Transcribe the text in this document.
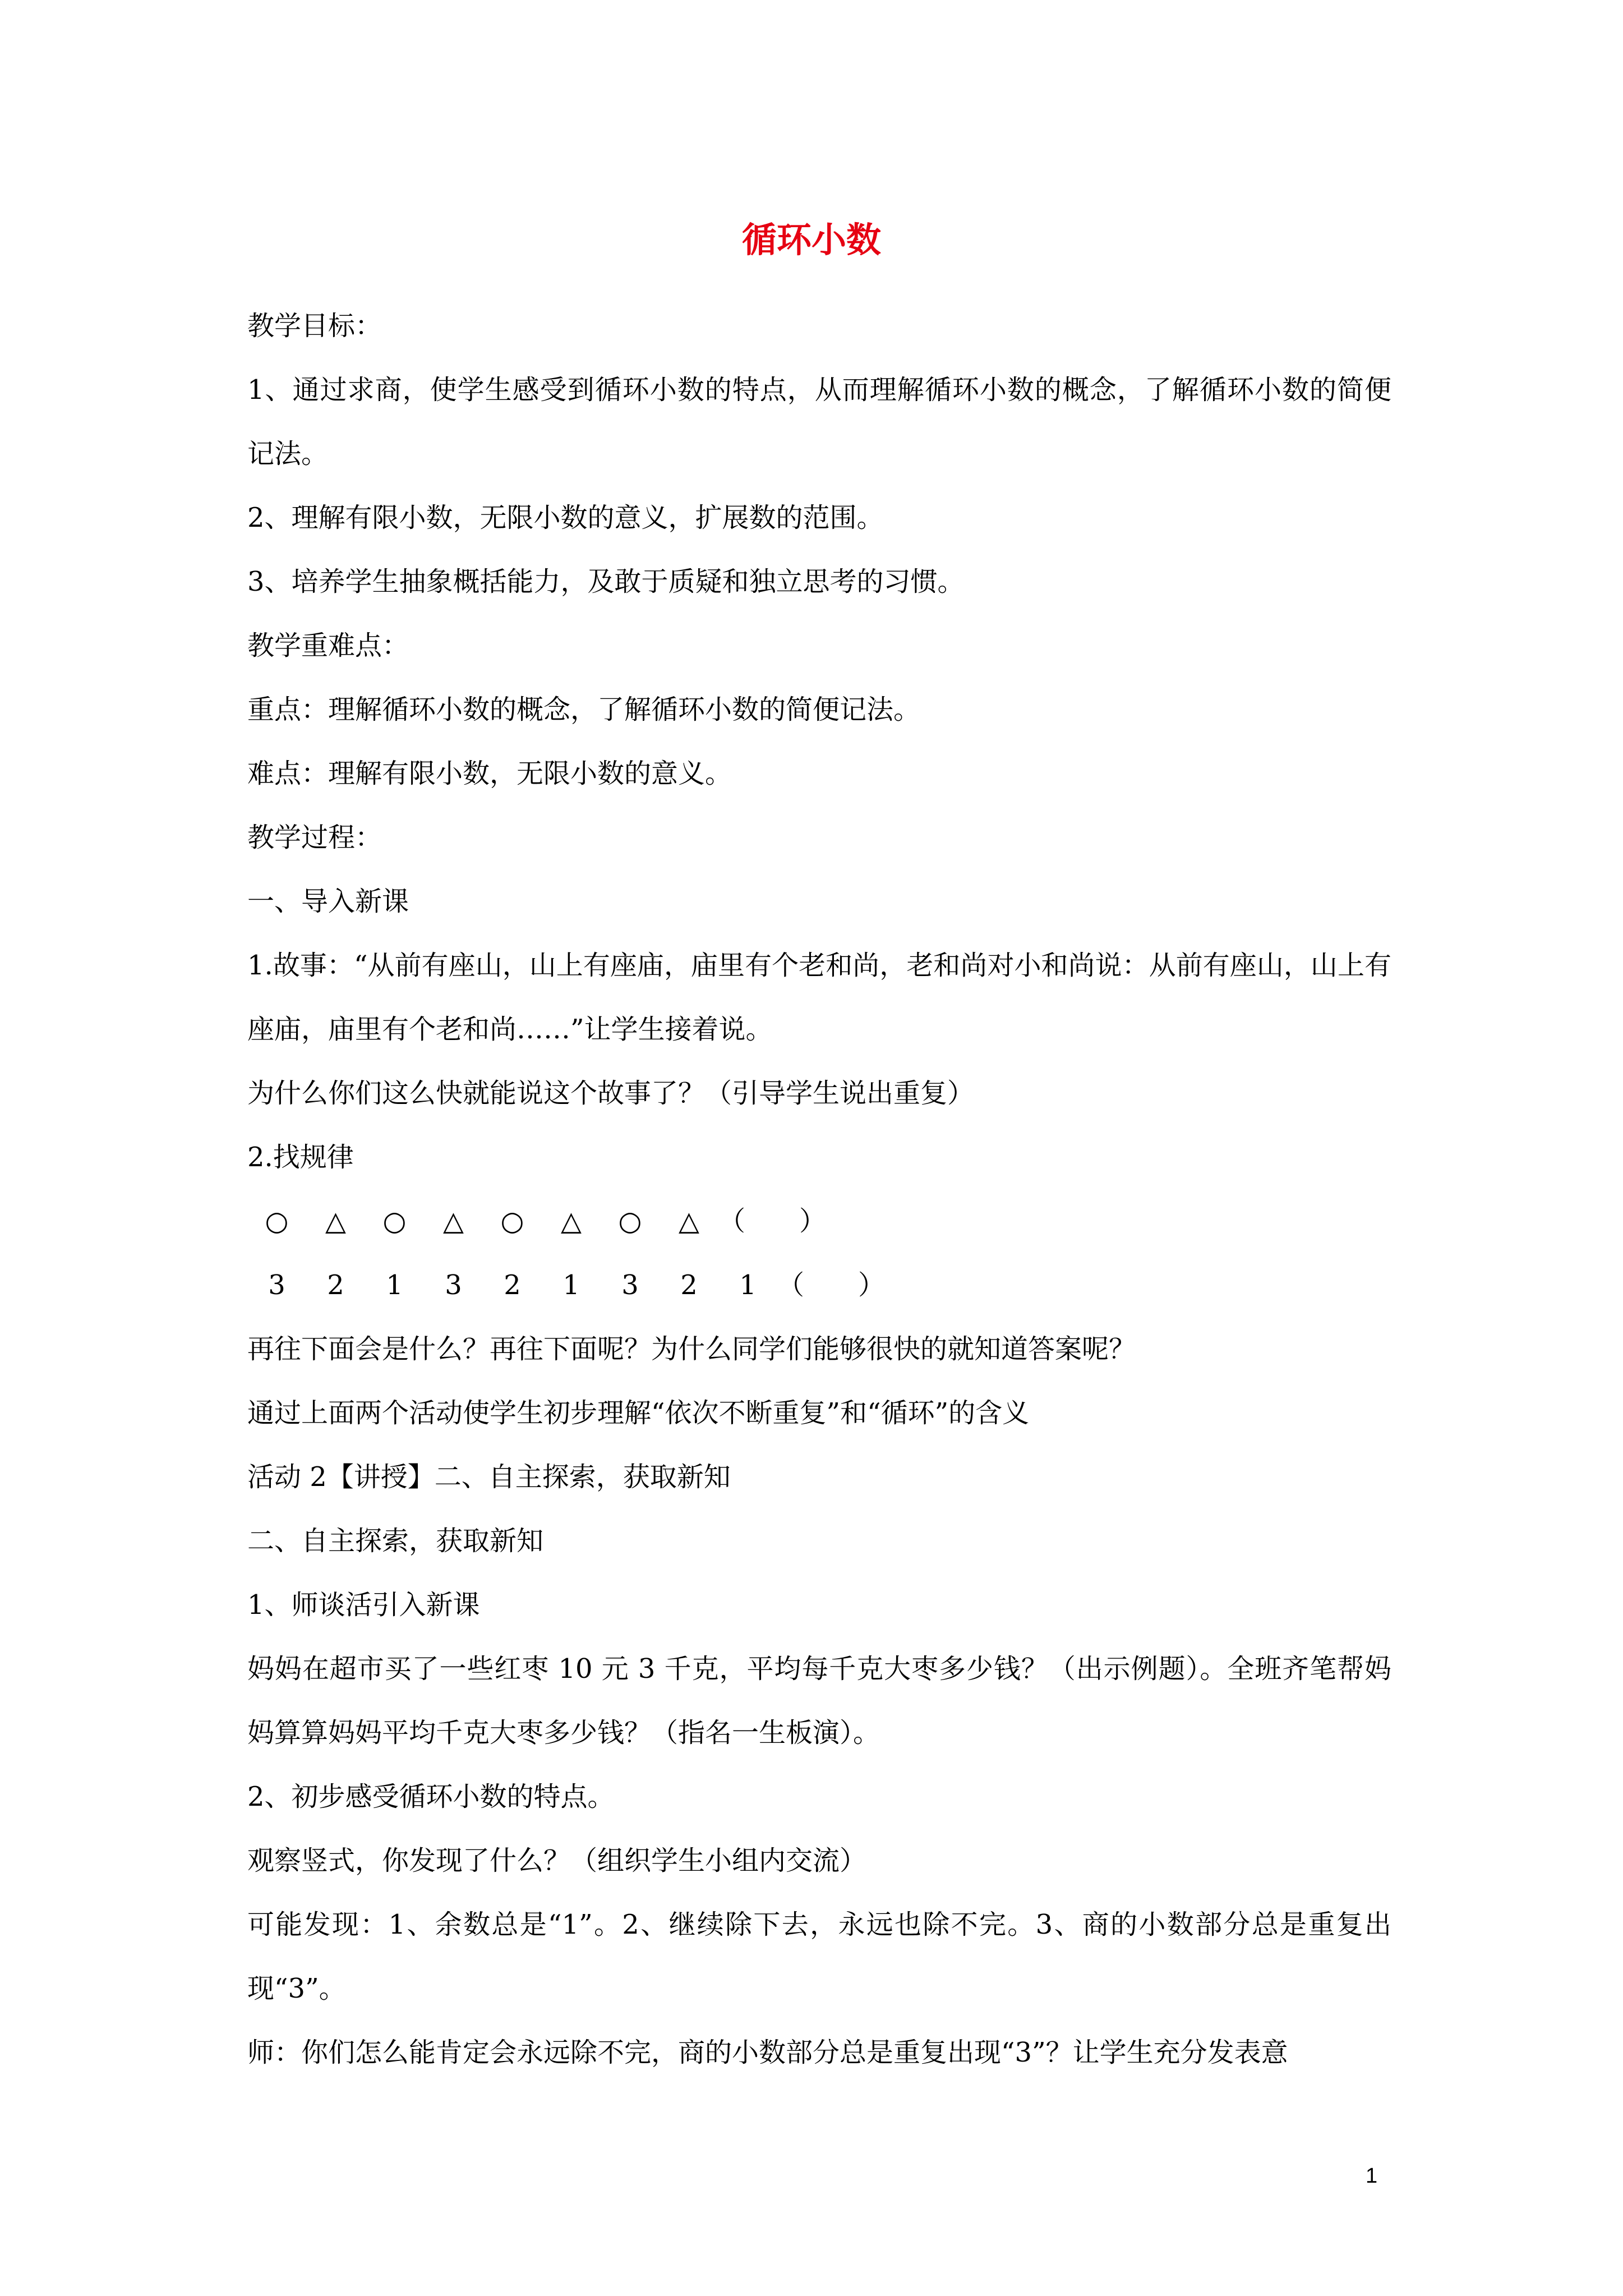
循环小数

教学目标：

1、通过求商，使学生感受到循环小数的特点，从而理解循环小数的概念，了解循环小数的简便记法。

2、理解有限小数，无限小数的意义，扩展数的范围。

3、培养学生抽象概括能力，及敢于质疑和独立思考的习惯。

教学重难点：

重点：理解循环小数的概念，了解循环小数的简便记法。

难点：理解有限小数，无限小数的意义。

教学过程：

一、导入新课

1.故事：“从前有座山，山上有座庙，庙里有个老和尚，老和尚对小和尚说：从前有座山，山上有座庙，庙里有个老和尚……”让学生接着说。

为什么你们这么快就能说这个故事了？（引导学生说出重复）

2.找规律

○	△	○	△	○	△	○	△ （　　）
3	2	1	3	2	1	3	2	1 （　　）

再往下面会是什么？再往下面呢？为什么同学们能够很快的就知道答案呢？

通过上面两个活动使学生初步理解“依次不断重复”和“循环”的含义

活动 2【讲授】二、自主探索，获取新知

二、自主探索，获取新知

1、师谈活引入新课

妈妈在超市买了一些红枣 10 元 3 千克，平均每千克大枣多少钱？（出示例题）。全班齐笔帮妈妈算算妈妈平均千克大枣多少钱？（指名一生板演）。

2、初步感受循环小数的特点。

观察竖式，你发现了什么？（组织学生小组内交流）

可能发现：1、余数总是“1”。2、继续除下去，永远也除不完。3、商的小数部分总是重复出现“3”。

师：你们怎么能肯定会永远除不完，商的小数部分总是重复出现“3”？让学生充分发表意

1
